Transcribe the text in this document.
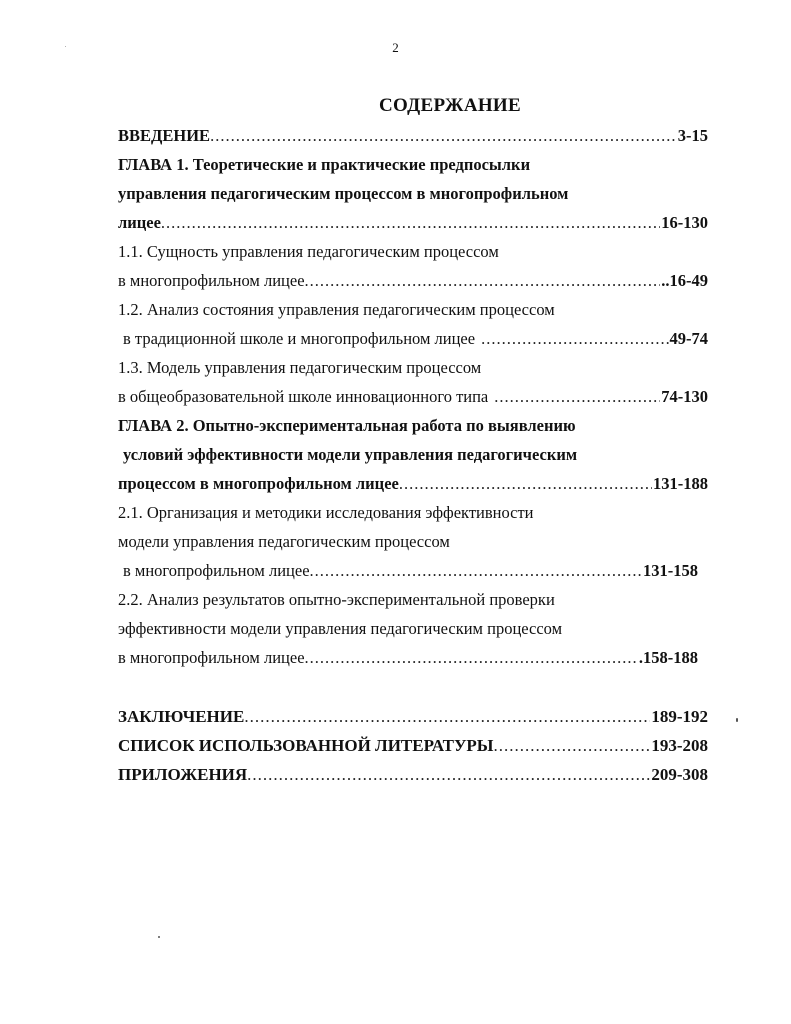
2
СОДЕРЖАНИЕ
ВВЕДЕНИЕ .....	3-15
ГЛАВА 1. Теоретические и практические предпосылки
управления педагогическим процессом в многопрофильном
лицее .....	16-130
1.1. Сущность управления педагогическим процессом
в многопрофильном лицее .....	..16-49
1.2. Анализ состояния управления педагогическим процессом
в традиционной школе и многопрофильном лицее .....	49-74
1.3. Модель управления педагогическим процессом
в общеобразовательной школе инновационного типа .....	74-130
ГЛАВА 2. Опытно-экспериментальная работа по выявлению
условий эффективности модели управления педагогическим
процессом в многопрофильном лицее .....	131-188
2.1. Организация и методики исследования эффективности
модели управления педагогическим процессом
в многопрофильном лицее .....	131-158
2.2. Анализ результатов опытно-экспериментальной проверки
эффективности модели управления педагогическим процессом
в многопрофильном лицее .....	.158-188
ЗАКЛЮЧЕНИЕ .....	189-192
СПИСОК ИСПОЛЬЗОВАННОЙ ЛИТЕРАТУРЫ .....	193-208
ПРИЛОЖЕНИЯ .....	209-308
